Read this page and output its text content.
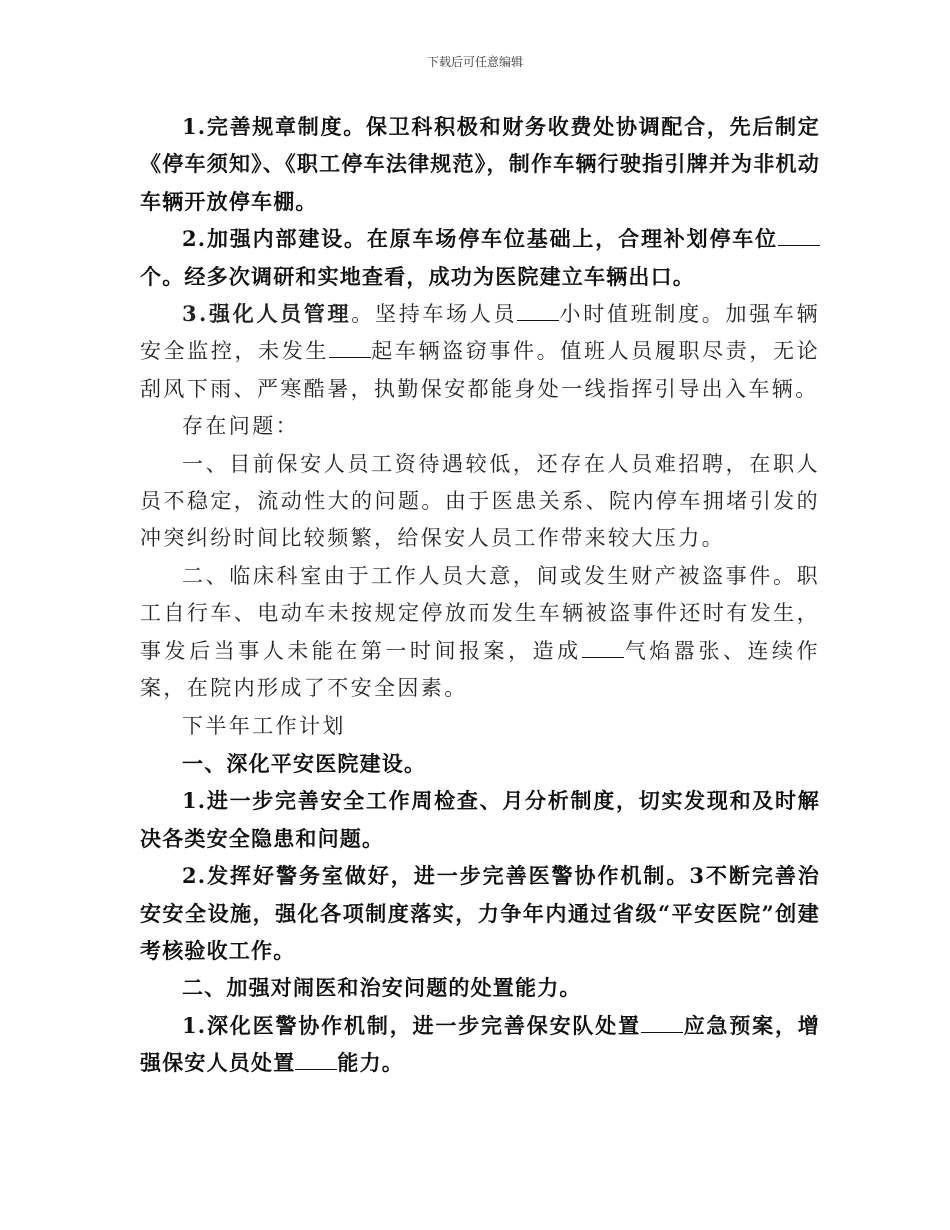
下载后可任意编辑

1.完善规章制度。保卫科积极和财务收费处协调配合，先后制定《停车须知》、《职工停车法律规范》，制作车辆行驶指引牌并为非机动车辆开放停车棚。

2.加强内部建设。在原车场停车位基础上，合理补划停车位个。经多次调研和实地查看，成功为医院建立车辆出口。

3.强化人员管理。坚持车场人员 小时值班制度。加强车辆安全监控，未发生 起车辆盗窃事件。值班人员履职尽责，无论刮风下雨、严寒酷暑，执勤保安都能身处一线指挥引导出入车辆。

存在问题：

一、目前保安人员工资待遇较低，还存在人员难招聘，在职人员不稳定，流动性大的问题。由于医患关系、院内停车拥堵引发的冲突纠纷时间比较频繁，给保安人员工作带来较大压力。

二、临床科室由于工作人员大意，间或发生财产被盗事件。职工自行车、电动车未按规定停放而发生车辆被盗事件还时有发生，事发后当事人未能在第一时间报案，造成 气焰嚣张、连续作案，在院内形成了不安全因素。

下半年工作计划

一、深化平安医院建设。

1.进一步完善安全工作周检查、月分析制度，切实发现和及时解决各类安全隐患和问题。

2.发挥好警务室做好，进一步完善医警协作机制。3不断完善治安安全设施，强化各项制度落实，力争年内通过省级“平安医院”创建考核验收工作。

二、加强对闹医和治安问题的处置能力。

1.深化医警协作机制，进一步完善保安队处置 应急预案，增强保安人员处置 能力。
